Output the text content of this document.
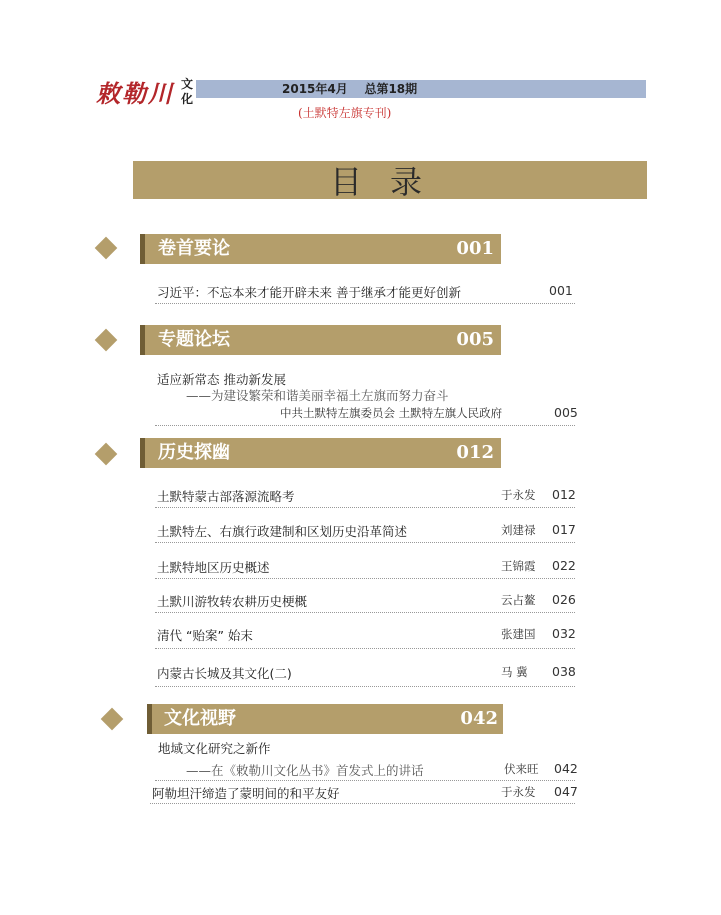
敕勒川 文化
2015年4月    总第18期
(土默特左旗专刊)
目录
卷首要论	001
习近平：不忘本来才能开辟未来 善于继承才能更好创新	001
专题论坛	005
适应新常态 推动新发展
——为建设繁荣和谐美丽幸福土左旗而努力奋斗
中共土默特左旗委员会 土默特左旗人民政府	005
历史探幽	012
土默特蒙古部落源流略考	于永发 012
土默特左、右旗行政建制和区划历史沿革简述	刘建禄 017
土默特地区历史概述	王锦霞 022
土默川游牧转农耕历史梗概	云占鳌 026
清代 “贻案” 始末	张建国 032
内蒙古长城及其文化(二)	马 冀 038
文化视野	042
地域文化研究之新作
——在《敕勒川文化丛书》首发式上的讲话	伏来旺 042
阿勒坦汗缔造了蒙明间的和平友好	于永发 047
